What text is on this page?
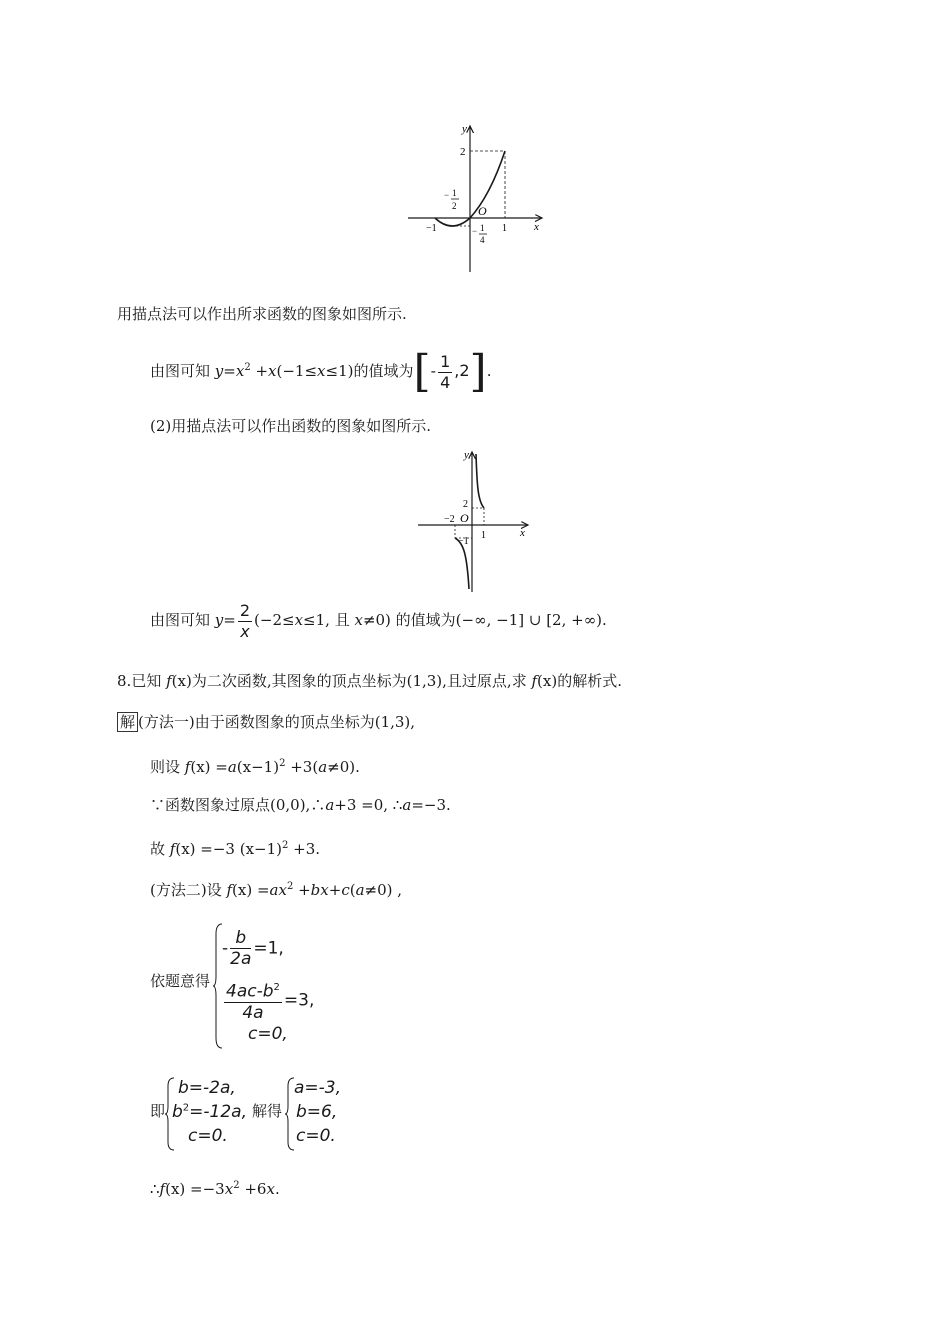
y
x
2
O
−1	1
− 1
2
− 1
4
用描点法可以作出所求函数的图象如图所示.
由图可知 $y=x^2 +x(-1\le x\le 1)$的值域为[- $\frac{1}{4} ,2$].
(2)用描点法可以作出函数的图象如图所示.
y
x
2
O
−2
1
−1
由图可知 $y= \frac{2}{x} (-2\le x\le 1$, 且 x≠0) 的值域为(−∞, −1] ∪ [2, +∞).
8.已知 f(x)为二次函数,其图象的顶点坐标为(1,3),且过原点,求 f(x)的解析式.
解 (方法一)由于函数图象的顶点坐标为(1,3),
则设 $f(x) =a(x-1)^2 +3(a\ne 0)$.
∵函数图象过原点(0,0),∴a+3 =0, ∴a=−3.
故 f(x) =−3 $(x-1)^2 +3$.
(方法二)设 $f(x) =ax^2 +bx+c(a\ne 0)$ ,
依题意得
- $\frac{b}{2a} =1$,
$\frac{4ac-b^2}{4a} =3$,
c=0,
即
b=-2a,
$b^2=-12a$, 解得
c=0.
a=-3,
b=6,
c=0.
∴f(x) $=-3x^2 +6x$.
